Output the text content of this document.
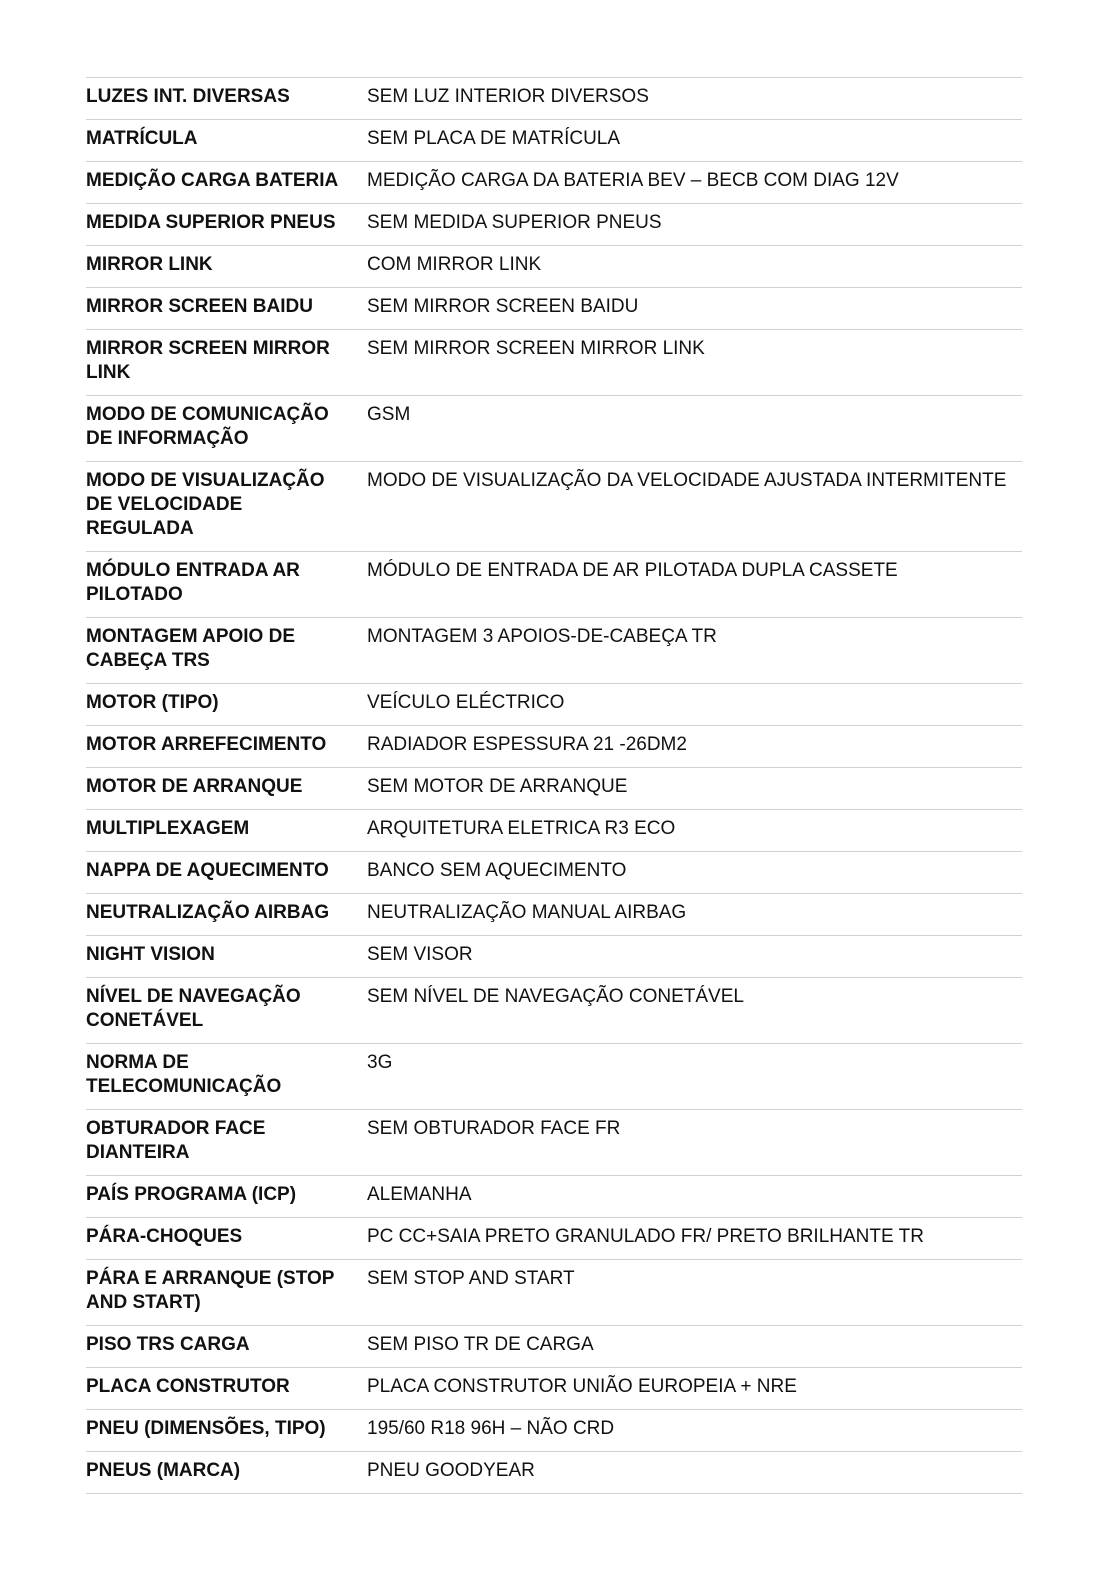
LUZES INT. DIVERSAS	SEM LUZ INTERIOR DIVERSOS
MATRÍCULA	SEM PLACA DE MATRÍCULA
MEDIÇÃO CARGA BATERIA	MEDIÇÃO CARGA DA BATERIA BEV – BECB COM DIAG 12V
MEDIDA SUPERIOR PNEUS	SEM MEDIDA SUPERIOR PNEUS
MIRROR LINK	COM MIRROR LINK
MIRROR SCREEN BAIDU	SEM MIRROR SCREEN BAIDU
MIRROR SCREEN MIRROR LINK	SEM MIRROR SCREEN MIRROR LINK
MODO DE COMUNICAÇÃO DE INFORMAÇÃO	GSM
MODO DE VISUALIZAÇÃO DE VELOCIDADE REGULADA	MODO DE VISUALIZAÇÃO DA VELOCIDADE AJUSTADA INTERMITENTE
MÓDULO ENTRADA AR PILOTADO	MÓDULO DE ENTRADA DE AR PILOTADA DUPLA CASSETE
MONTAGEM APOIO DE CABEÇA TRS	MONTAGEM 3 APOIOS-DE-CABEÇA TR
MOTOR (TIPO)	VEÍCULO ELÉCTRICO
MOTOR ARREFECIMENTO	RADIADOR ESPESSURA 21 -26DM2
MOTOR DE ARRANQUE	SEM MOTOR DE ARRANQUE
MULTIPLEXAGEM	ARQUITETURA ELETRICA R3 ECO
NAPPA DE AQUECIMENTO	BANCO SEM AQUECIMENTO
NEUTRALIZAÇÃO AIRBAG	NEUTRALIZAÇÃO MANUAL AIRBAG
NIGHT VISION	SEM VISOR
NÍVEL DE NAVEGAÇÃO CONETÁVEL	SEM NÍVEL DE NAVEGAÇÃO CONETÁVEL
NORMA DE TELECOMUNICAÇÃO	3G
OBTURADOR FACE DIANTEIRA	SEM OBTURADOR FACE FR
PAÍS PROGRAMA (ICP)	ALEMANHA
PÁRA-CHOQUES	PC CC+SAIA PRETO GRANULADO FR/ PRETO BRILHANTE TR
PÁRA E ARRANQUE (STOP AND START)	SEM STOP AND START
PISO TRS CARGA	SEM PISO TR DE CARGA
PLACA CONSTRUTOR	PLACA CONSTRUTOR UNIÃO EUROPEIA + NRE
PNEU (DIMENSÕES, TIPO)	195/60 R18 96H – NÃO CRD
PNEUS (MARCA)	PNEU GOODYEAR
